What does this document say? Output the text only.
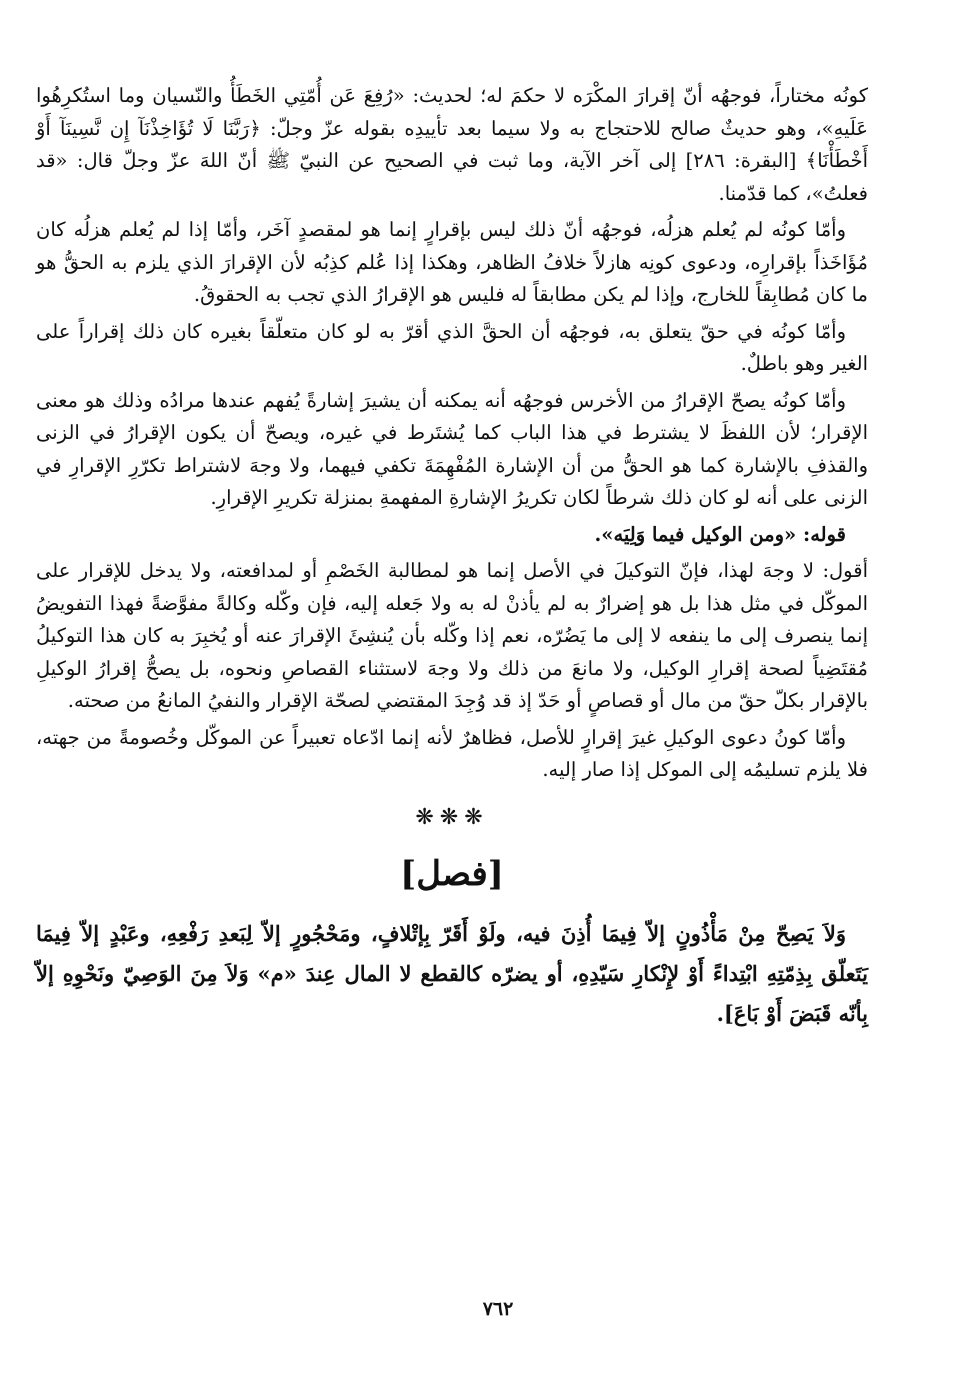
كونُه مختاراً، فوجهُه أنّ إقرارَ المكْرَه لا حكمَ له؛ لحديث: «رُفِعَ عَن أُمّتِي الخَطَأُ والنّسيان وما استُكرِهُوا عَلَيهِ»، وهو حديثٌ صالح للاحتجاج به ولا سيما بعد تأييدِه بقوله عزّ وجلّ: ﴿رَبَّنَا لَا تُؤَاخِذْنَآ إِن نَّسِينَآ أَوْ أَخْطَأْنَا﴾ [البقرة: ٢٨٦] إلى آخر الآية، وما ثبت في الصحيح عن النبيّ ﷺ أنّ اللهَ عزّ وجلّ قال: «قد فعلتُ»، كما قدّمنا.

وأمّا كونُه لم يُعلم هزلُه، فوجهُه أنّ ذلك ليس بإقرارٍ إنما هو لمقصدٍ آخَر، وأمّا إذا لم يُعلم هزلُه كان مُؤَاخَذاً بإقرارِه، ودعوى كونِه هازلاً خلافُ الظاهر، وهكذا إذا عُلم كذِبُه لأن الإقرارَ الذي يلزم به الحقُّ هو ما كان مُطابِقاً للخارج، وإذا لم يكن مطابقاً له فليس هو الإقرارُ الذي تجب به الحقوقُ.

وأمّا كونُه في حقّ يتعلق به، فوجهُه أن الحقَّ الذي أقرّ به لو كان متعلّقاً بغيره كان ذلك إقراراً على الغير وهو باطلٌ.

وأمّا كونُه يصحّ الإقرارُ من الأخرس فوجهُه أنه يمكنه أن يشيرَ إشارةً يُفهم عندها مرادُه وذلك هو معنى الإقرار؛ لأن اللفظَ لا يشترط في هذا الباب كما يُشتَرط في غيره، ويصحّ أن يكون الإقرارُ في الزنى والقذفِ بالإشارة كما هو الحقُّ من أن الإشارة المُفْهِمَةَ تكفي فيهما، ولا وجهَ لاشتراط تكرّرِ الإقرارِ في الزنى على أنه لو كان ذلك شرطاً لكان تكريرُ الإشارةِ المفهمةِ بمنزلة تكريرِ الإقرارِ.

قوله: «ومن الوكيل فيما وَلِيَه».

أقول: لا وجهَ لهذا، فإنّ التوكيلَ في الأصل إنما هو لمطالبة الخَصْمِ أو لمدافعته، ولا يدخل للإقرار على الموكّل في مثل هذا بل هو إضرارٌ به لم يأذنْ له به ولا جَعله إليه، فإن وكّله وكالةً مفوَّضةً فهذا التفويضُ إنما ينصرف إلى ما ينفعه لا إلى ما يَضُرّه، نعم إذا وكّله بأن يُنشِئَ الإقرارَ عنه أو يُخبِرَ به كان هذا التوكيلُ مُقتَضِياً لصحة إقرارِ الوكيل، ولا مانعَ من ذلك ولا وجهَ لاستثناء القصاصِ ونحوه، بل يصحُّ إقرارُ الوكيلِ بالإقرار بكلّ حقّ من مال أو قصاصٍ أو حَدّ إذ قد وُجِدَ المقتضي لصحّة الإقرار والنفيُ المانعُ من صحته.

وأمّا كونُ دعوى الوكيلِ غيرَ إقرارٍ للأصل، فظاهرٌ لأنه إنما ادّعاه تعبيراً عن الموكّل وخُصومةً من جهته، فلا يلزم تسليمُه إلى الموكل إذا صار إليه.

❋❋❋
[فصل]

وَلاَ يَصِحّ مِنْ مَأْذُونٍ إلاّ فِيمَا أُذِنَ فيه، ولَوْ أَقَرّ بِإتْلافٍ، ومَحْجُورٍ إلاّ لِبَعدِ رَفْعِهِ، وعَبْدٍ إلاّ فِيمَا يَتَعلّق بِذِمّتِهِ ابْتِداءً أَوْ لإِنْكارِ سَيّدِهِ، أو يضرّه كالقطع لا المال عِندَ «م» وَلاَ مِنَ الوَصِيّ ونَحْوِهِ إلاّ بِأنّه قَبَضَ أَوْ بَاعَ].

٧٦٢
